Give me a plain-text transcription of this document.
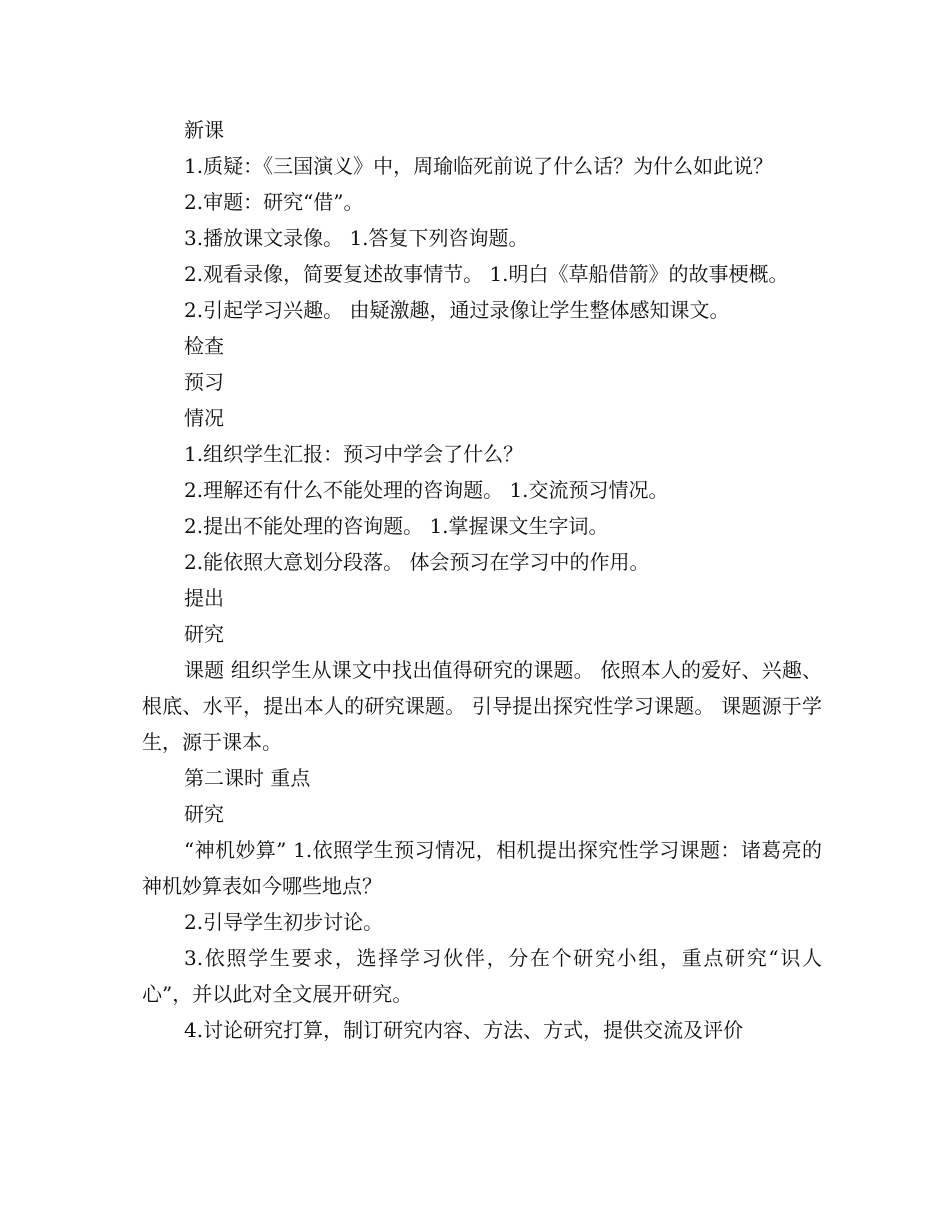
新课

1.质疑：《三国演义》中，周瑜临死前说了什么话？为什么如此说？

2.审题：研究“借”。

3.播放课文录像。 1.答复下列咨询题。

2.观看录像，简要复述故事情节。 1.明白《草船借箭》的故事梗概。

2.引起学习兴趣。 由疑激趣，通过录像让学生整体感知课文。

检查

预习

情况

1.组织学生汇报：预习中学会了什么？

2.理解还有什么不能处理的咨询题。 1.交流预习情况。

2.提出不能处理的咨询题。 1.掌握课文生字词。

2.能依照大意划分段落。 体会预习在学习中的作用。

提出

研究

课题 组织学生从课文中找出值得研究的课题。 依照本人的爱好、兴趣、根底、水平，提出本人的研究课题。 引导提出探究性学习课题。 课题源于学生，源于课本。

第二课时 重点

研究

“神机妙算” 1.依照学生预习情况，相机提出探究性学习课题：诸葛亮的神机妙算表如今哪些地点？

2.引导学生初步讨论。

3.依照学生要求，选择学习伙伴，分在个研究小组，重点研究“识人心”，并以此对全文展开研究。

4.讨论研究打算，制订研究内容、方法、方式，提供交流及评价
